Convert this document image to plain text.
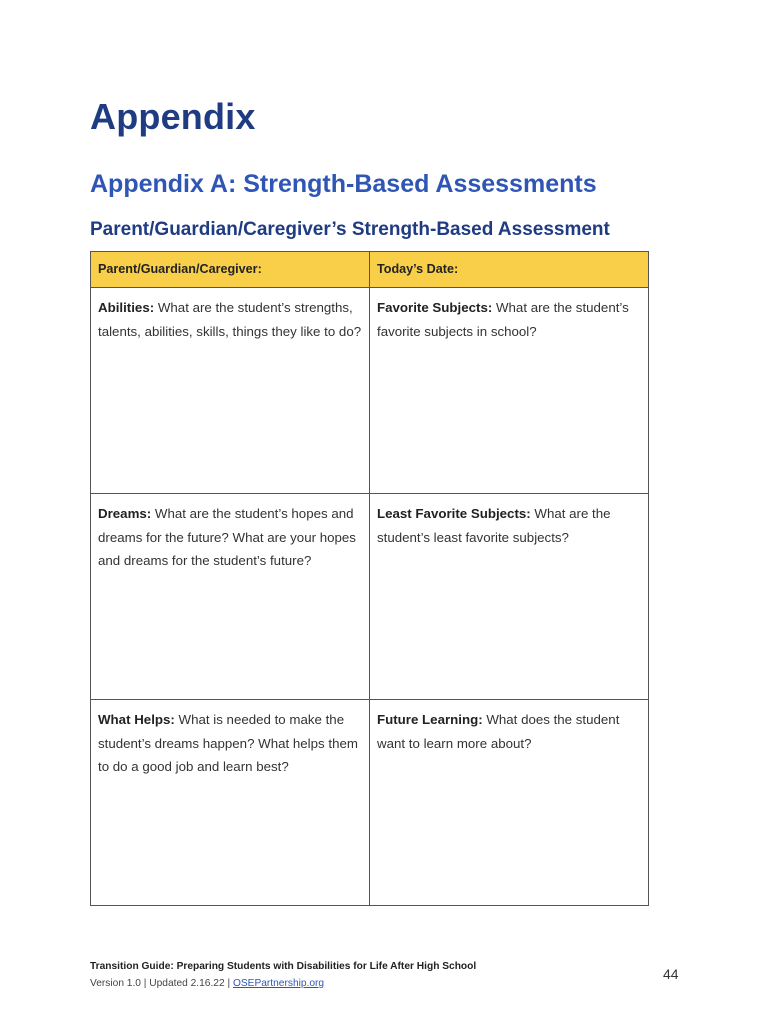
Appendix
Appendix A: Strength-Based Assessments
Parent/Guardian/Caregiver’s Strength-Based Assessment
Parent/Guardian/Caregiver:	Today’s Date:
Abilities: What are the student’s strengths, talents, abilities, skills, things they like to do?	Favorite Subjects: What are the student’s favorite subjects in school?
Dreams: What are the student’s hopes and dreams for the future? What are your hopes and dreams for the student’s future?	Least Favorite Subjects: What are the student’s least favorite subjects?
What Helps: What is needed to make the student’s dreams happen? What helps them to do a good job and learn best?	Future Learning: What does the student want to learn more about?
Transition Guide: Preparing Students with Disabilities for Life After High School
Version 1.0 | Updated 2.16.22 | OSEPartnership.org
44
